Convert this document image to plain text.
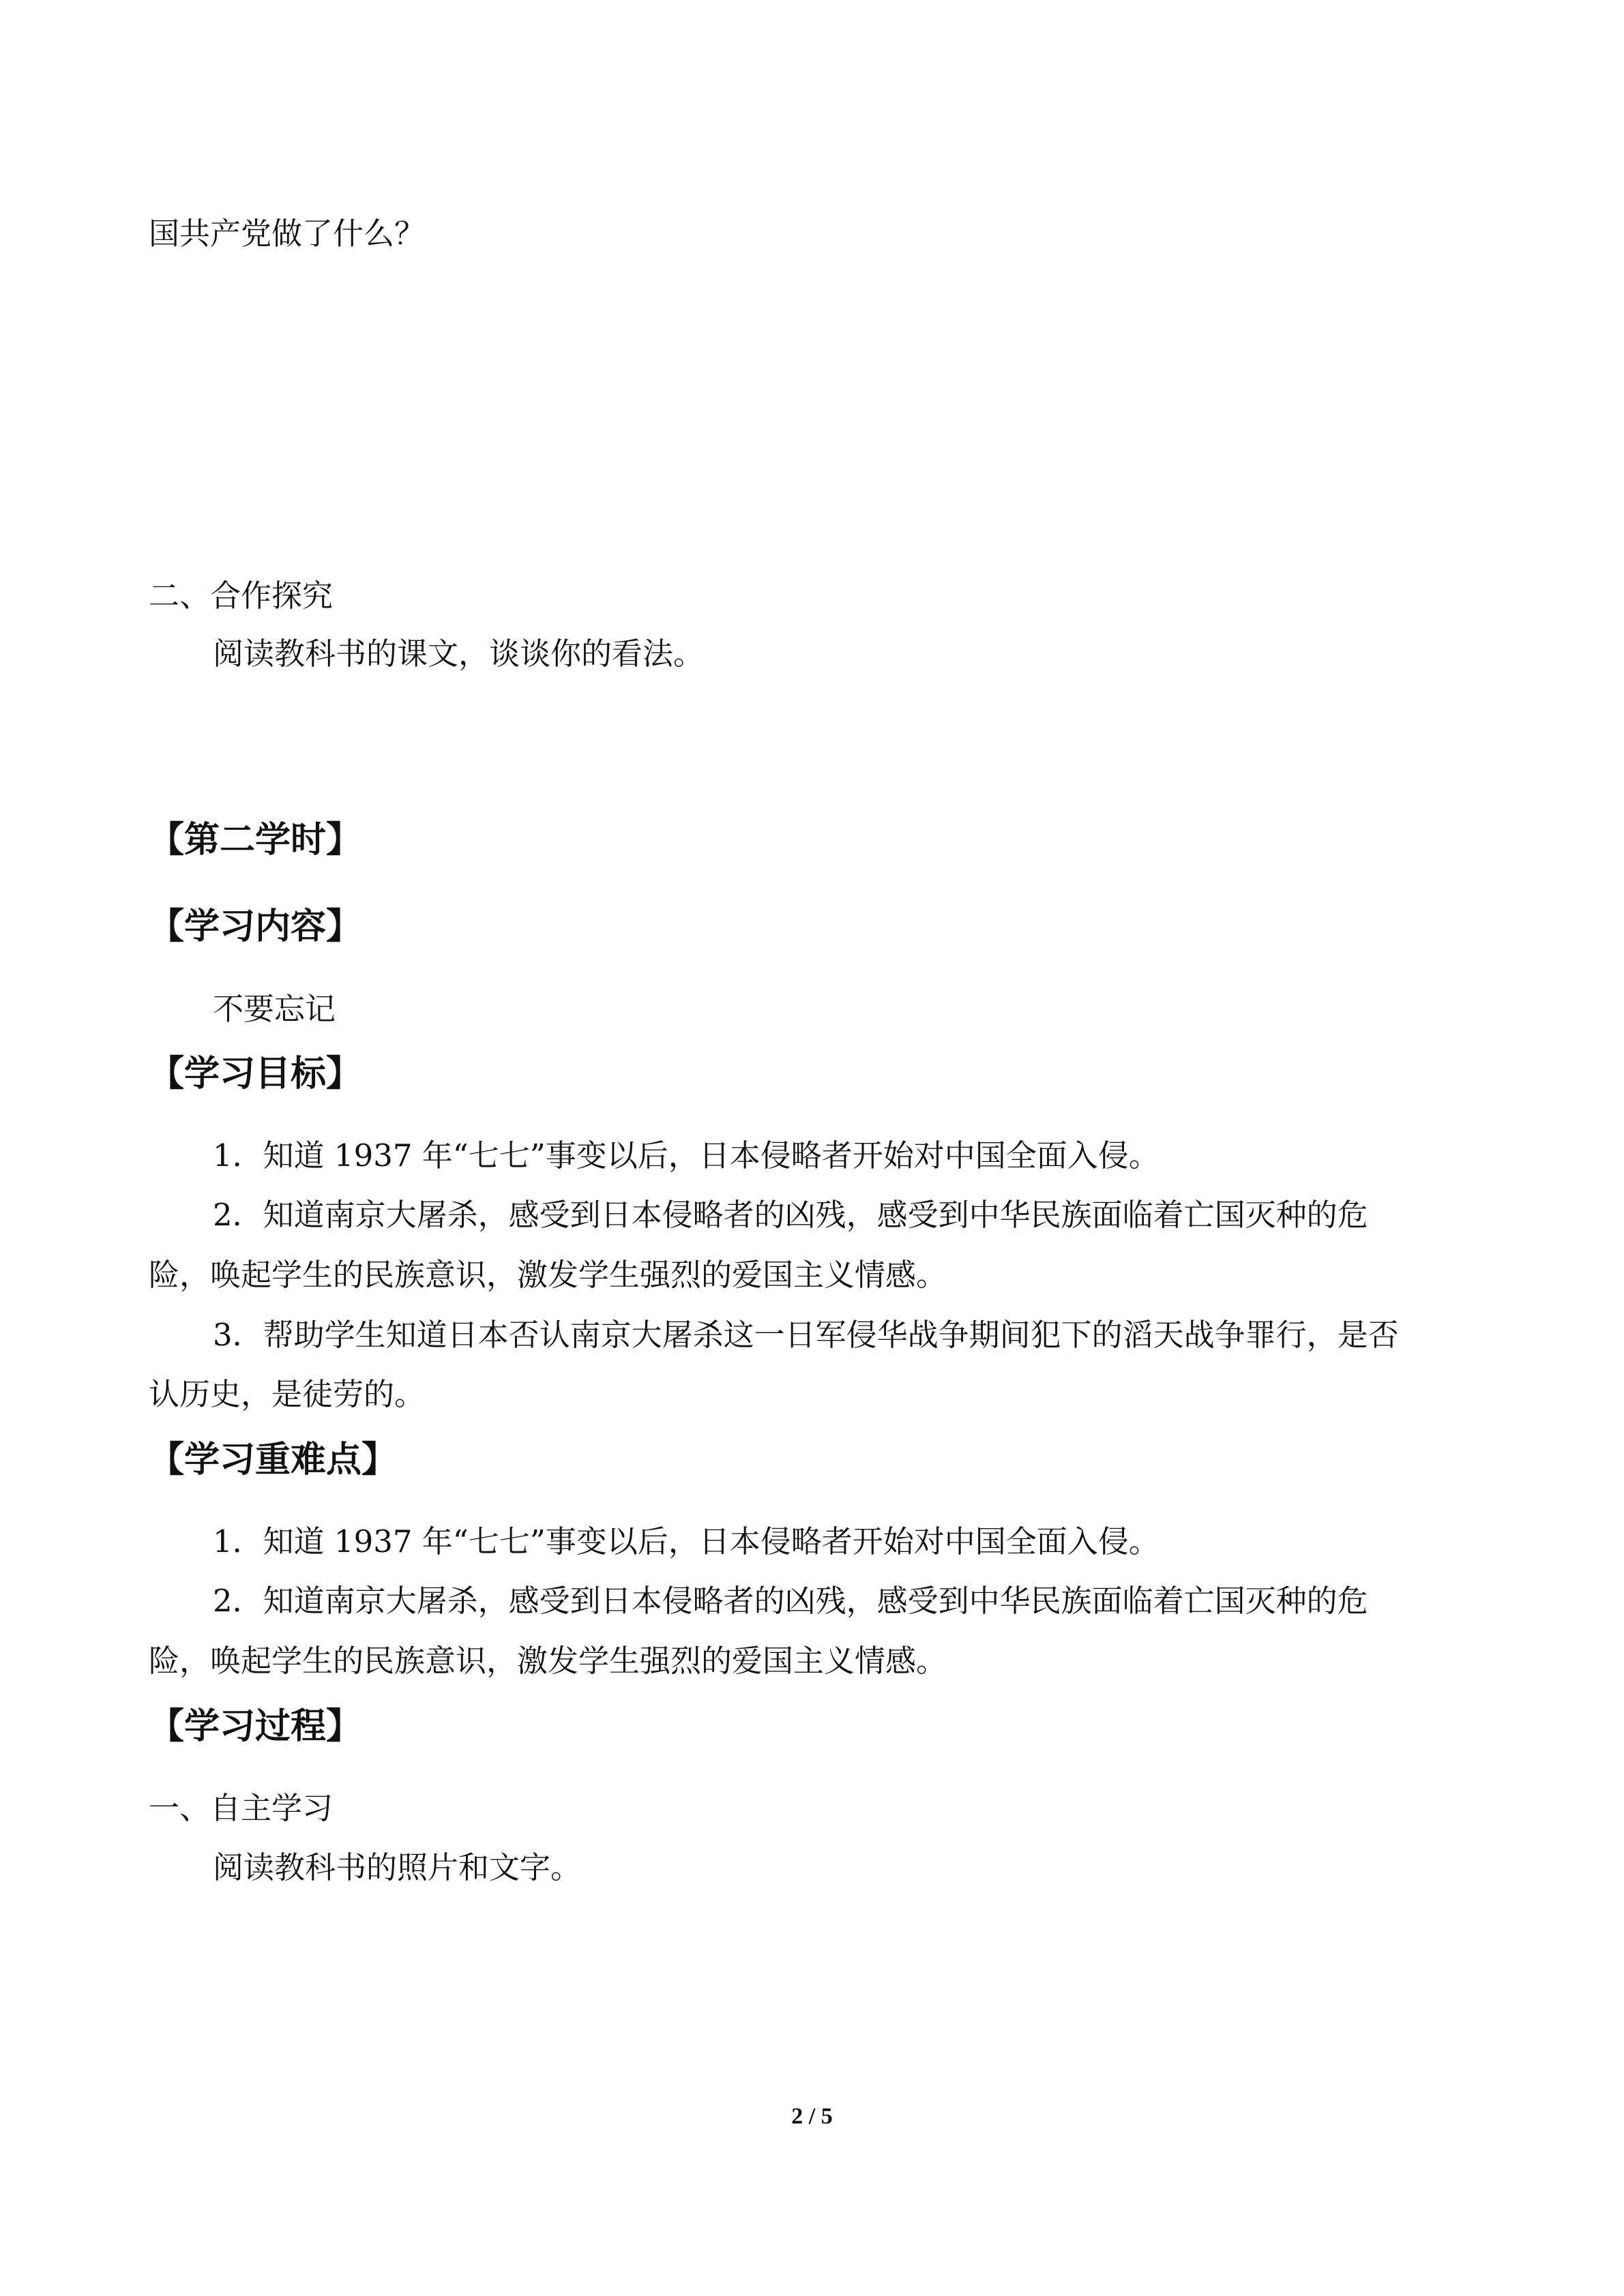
国共产党做了什么？
二、合作探究
阅读教科书的课文，谈谈你的看法。
【第二学时】
【学习内容】
不要忘记
【学习目标】
1．知道 1937 年“七七”事变以后，日本侵略者开始对中国全面入侵。
2．知道南京大屠杀，感受到日本侵略者的凶残，感受到中华民族面临着亡国灭种的危
险，唤起学生的民族意识，激发学生强烈的爱国主义情感。
3．帮助学生知道日本否认南京大屠杀这一日军侵华战争期间犯下的滔天战争罪行，是否
认历史，是徒劳的。
【学习重难点】
1．知道 1937 年“七七”事变以后，日本侵略者开始对中国全面入侵。
2．知道南京大屠杀，感受到日本侵略者的凶残，感受到中华民族面临着亡国灭种的危
险，唤起学生的民族意识，激发学生强烈的爱国主义情感。
【学习过程】
一、自主学习
阅读教科书的照片和文字。
2 / 5
